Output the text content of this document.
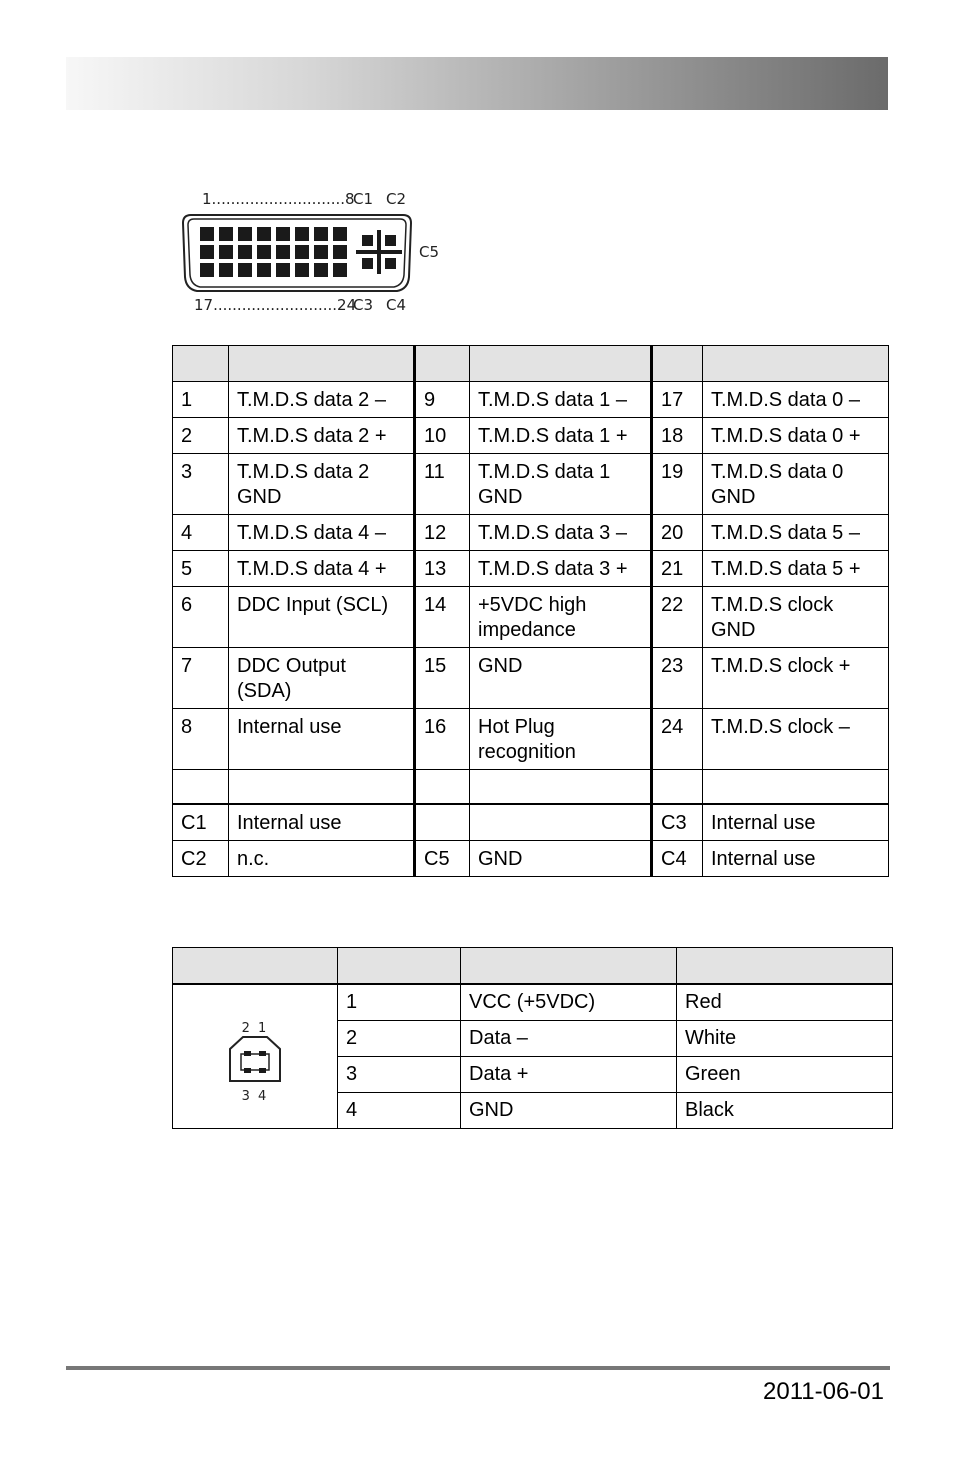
1............................8
C1 C2
C5
17..........................24
C3 C4

1	T.M.D.S data 2 –	9	T.M.D.S data 1 –	17	T.M.D.S data 0 –
2	T.M.D.S data 2 +	10	T.M.D.S data 1 +	18	T.M.D.S data 0 +
3	T.M.D.S data 2 GND	11	T.M.D.S data 1 GND	19	T.M.D.S data 0 GND
4	T.M.D.S data 4 –	12	T.M.D.S data 3 –	20	T.M.D.S data 5 –
5	T.M.D.S data 4 +	13	T.M.D.S data 3 +	21	T.M.D.S data 5 +
6	DDC Input (SCL)	14	+5VDC high impedance	22	T.M.D.S clock GND
7	DDC Output (SDA)	15	GND	23	T.M.D.S clock +
8	Internal use	16	Hot Plug recognition	24	T.M.D.S clock –

C1	Internal use			C3	Internal use
C2	n.c.	C5	GND	C4	Internal use

2 1
3 4	1	VCC (+5VDC)	Red
	2	Data –	White
	3	Data +	Green
	4	GND	Black
2011-06-01
